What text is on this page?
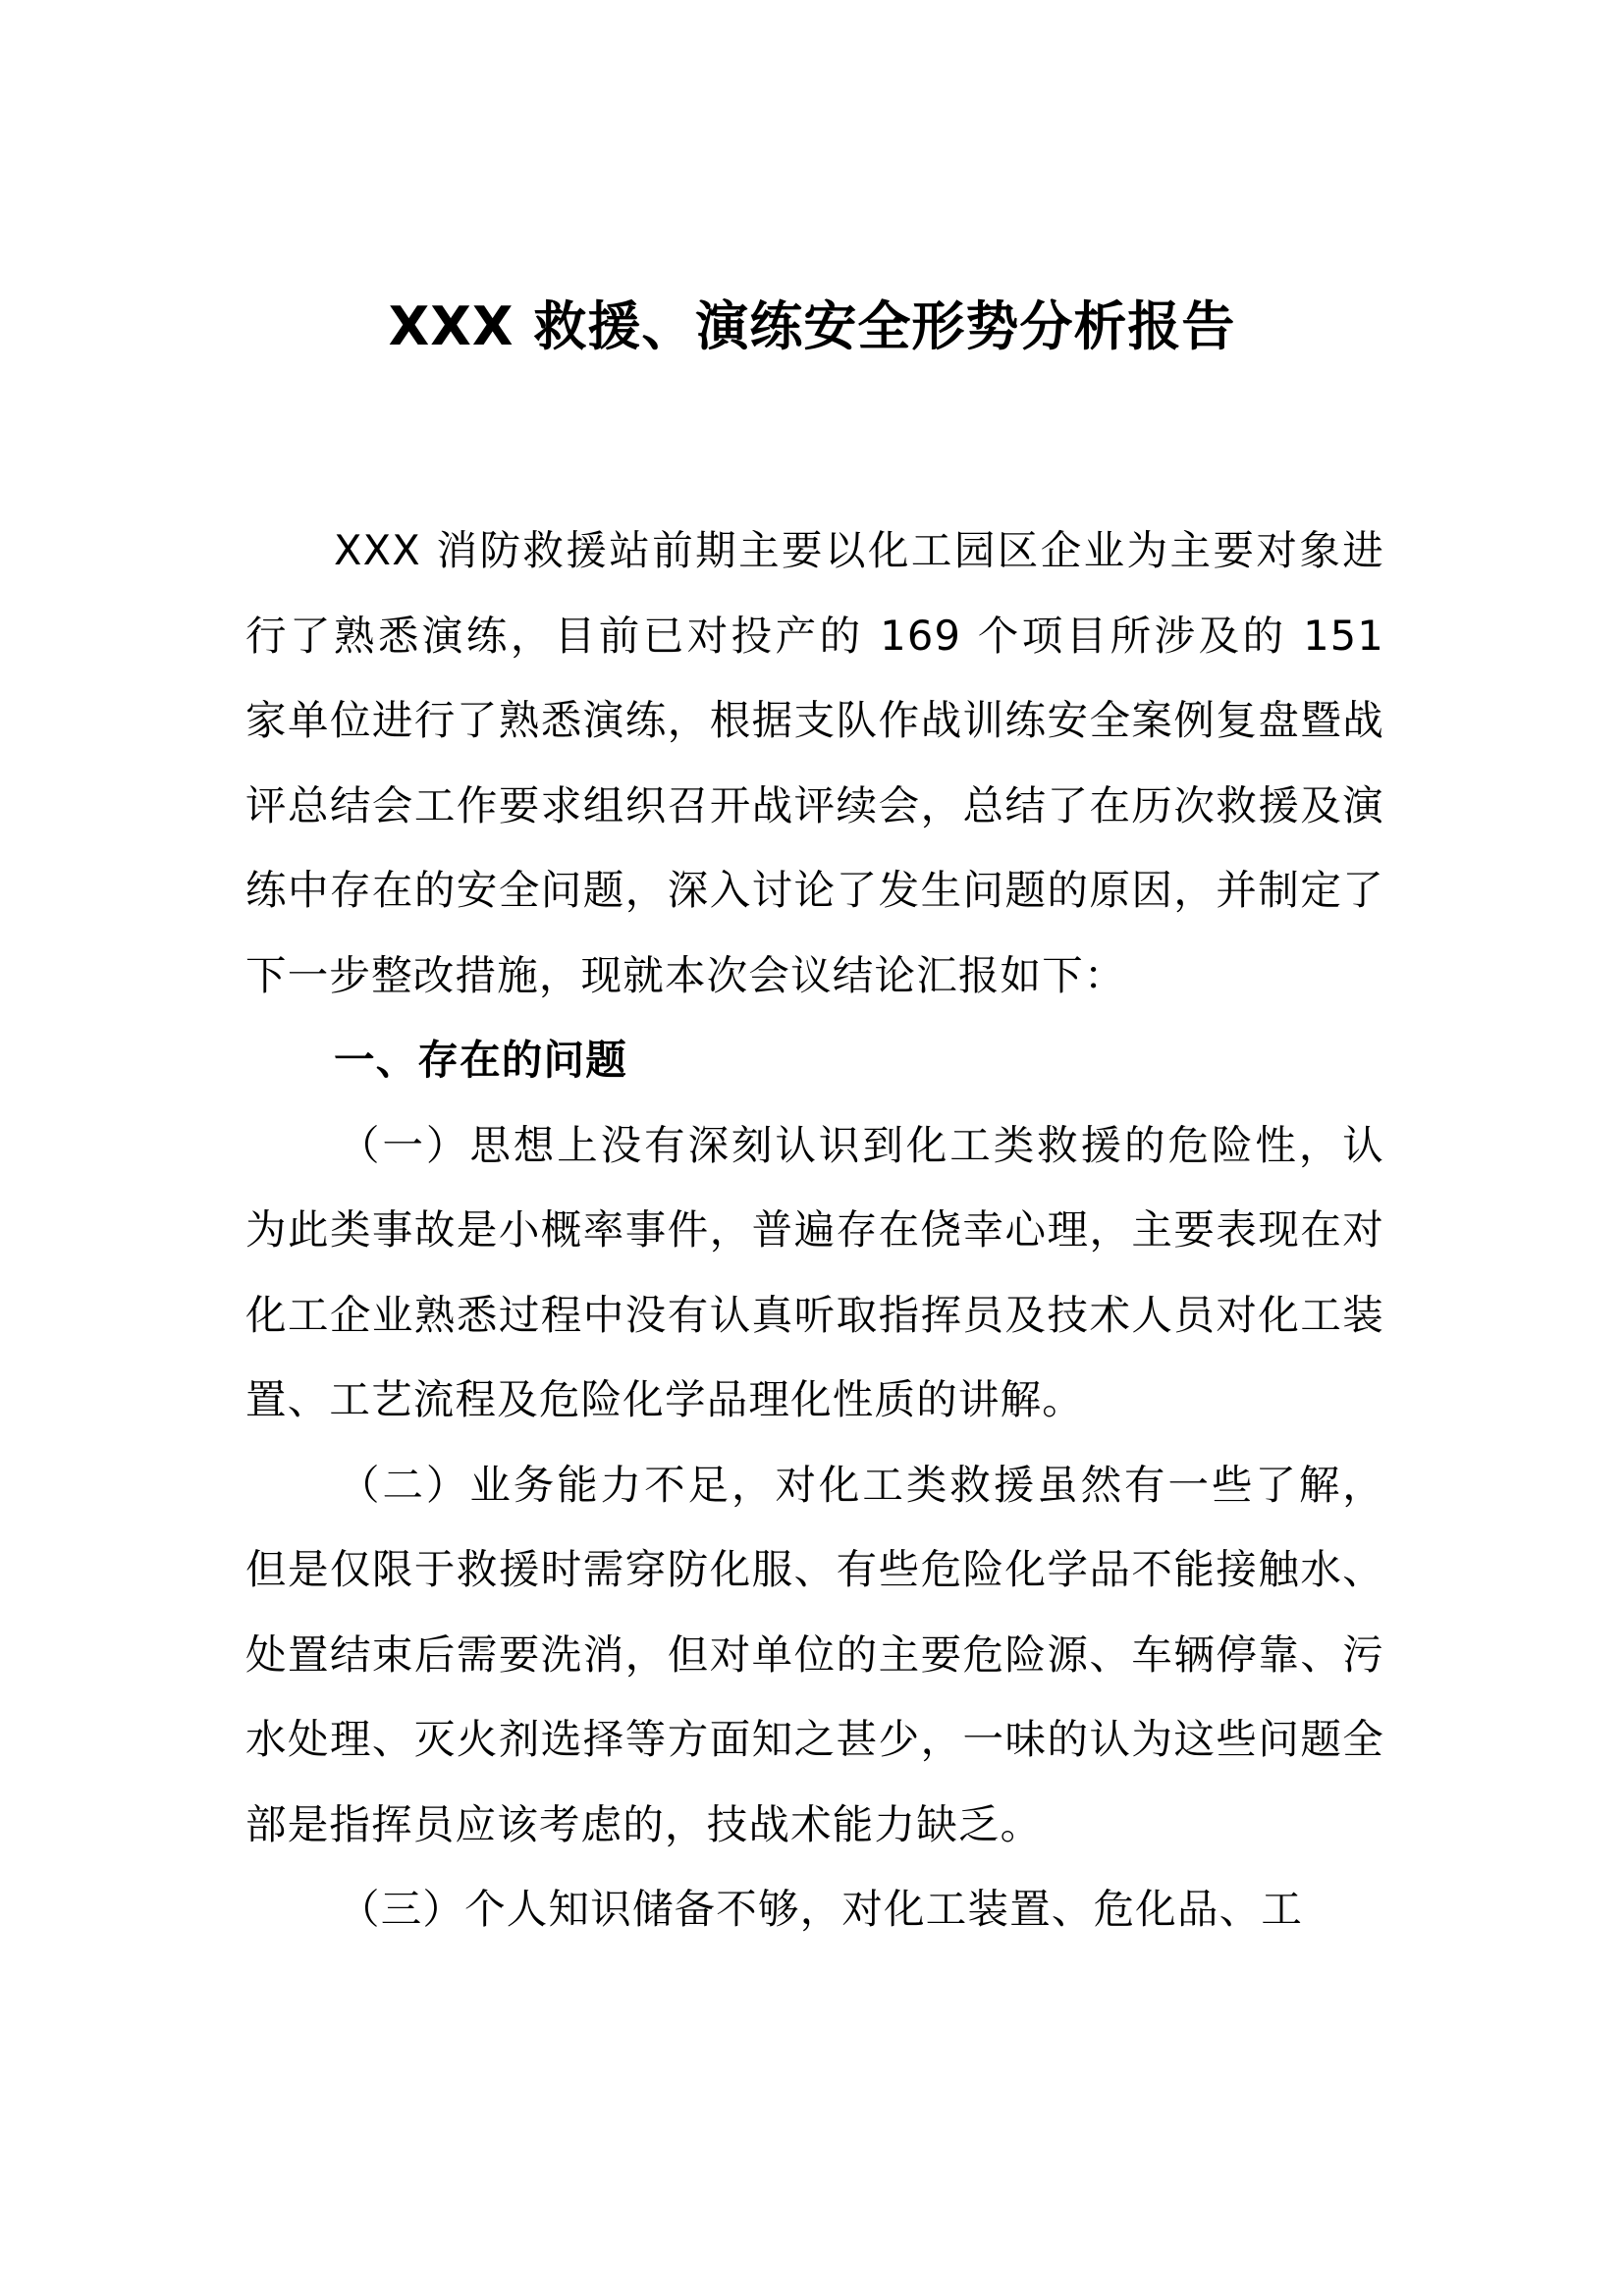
XXX 救援、演练安全形势分析报告

XXX 消防救援站前期主要以化工园区企业为主要对象进行了熟悉演练，目前已对投产的 169 个项目所涉及的 151 家单位进行了熟悉演练，根据支队作战训练安全案例复盘暨战评总结会工作要求组织召开战评续会，总结了在历次救援及演练中存在的安全问题，深入讨论了发生问题的原因，并制定了下一步整改措施，现就本次会议结论汇报如下：

一、存在的问题

（一）思想上没有深刻认识到化工类救援的危险性，认为此类事故是小概率事件，普遍存在侥幸心理，主要表现在对化工企业熟悉过程中没有认真听取指挥员及技术人员对化工装置、工艺流程及危险化学品理化性质的讲解。

（二）业务能力不足，对化工类救援虽然有一些了解，但是仅限于救援时需穿防化服、有些危险化学品不能接触水、处置结束后需要洗消，但对单位的主要危险源、车辆停靠、污水处理、灭火剂选择等方面知之甚少，一味的认为这些问题全部是指挥员应该考虑的，技战术能力缺乏。

（三）个人知识储备不够，对化工装置、危化品、工
